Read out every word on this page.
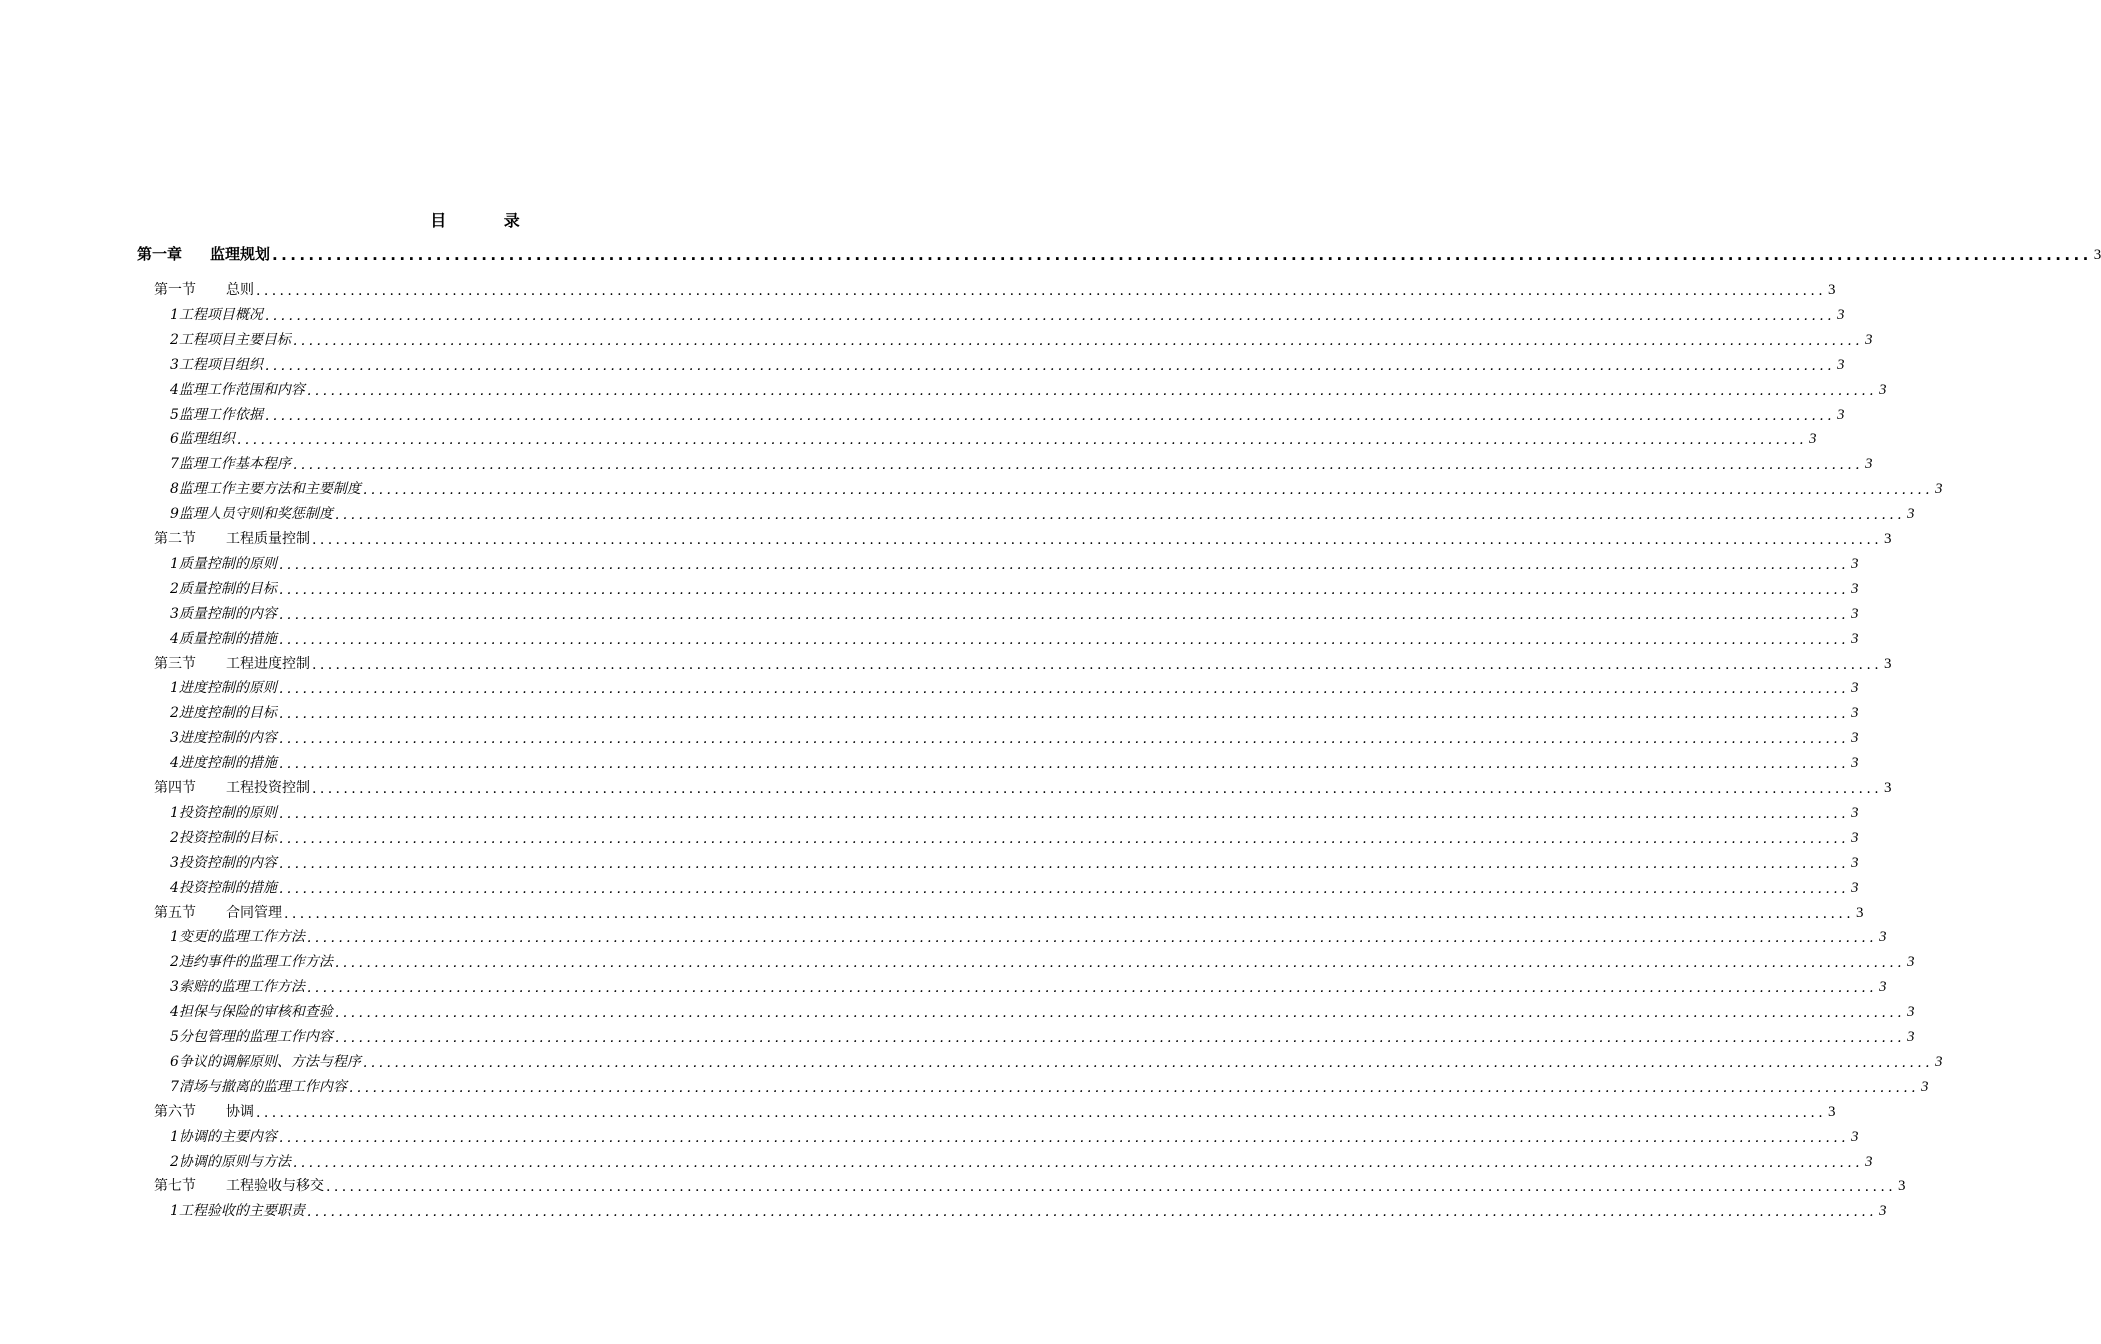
目 录
第一章 监理规划 ........................................................................................................................................................................................................ 3
第一节 总则 ........................................................................................................................................................................................................ 3
1工程项目概况 ........................................................................................................................................................................................................ 3
2工程项目主要目标 ........................................................................................................................................................................................................ 3
3工程项目组织 ........................................................................................................................................................................................................ 3
4监理工作范围和内容 ........................................................................................................................................................................................................ 3
5监理工作依据 ........................................................................................................................................................................................................ 3
6监理组织 ........................................................................................................................................................................................................ 3
7监理工作基本程序 ........................................................................................................................................................................................................ 3
8监理工作主要方法和主要制度 ........................................................................................................................................................................................................ 3
9监理人员守则和奖惩制度 ........................................................................................................................................................................................................ 3
第二节 工程质量控制 ........................................................................................................................................................................................................ 3
1质量控制的原则 ........................................................................................................................................................................................................ 3
2质量控制的目标 ........................................................................................................................................................................................................ 3
3质量控制的内容 ........................................................................................................................................................................................................ 3
4质量控制的措施 ........................................................................................................................................................................................................ 3
第三节 工程进度控制 ........................................................................................................................................................................................................ 3
1进度控制的原则 ........................................................................................................................................................................................................ 3
2进度控制的目标 ........................................................................................................................................................................................................ 3
3进度控制的内容 ........................................................................................................................................................................................................ 3
4进度控制的措施 ........................................................................................................................................................................................................ 3
第四节 工程投资控制 ........................................................................................................................................................................................................ 3
1投资控制的原则 ........................................................................................................................................................................................................ 3
2投资控制的目标 ........................................................................................................................................................................................................ 3
3投资控制的内容 ........................................................................................................................................................................................................ 3
4投资控制的措施 ........................................................................................................................................................................................................ 3
第五节 合同管理 ........................................................................................................................................................................................................ 3
1变更的监理工作方法 ........................................................................................................................................................................................................ 3
2违约事件的监理工作方法 ........................................................................................................................................................................................................ 3
3索赔的监理工作方法 ........................................................................................................................................................................................................ 3
4担保与保险的审核和查验 ........................................................................................................................................................................................................ 3
5分包管理的监理工作内容 ........................................................................................................................................................................................................ 3
6争议的调解原则、方法与程序 ........................................................................................................................................................................................................ 3
7清场与撤离的监理工作内容 ........................................................................................................................................................................................................ 3
第六节 协调 ........................................................................................................................................................................................................ 3
1协调的主要内容 ........................................................................................................................................................................................................ 3
2协调的原则与方法 ........................................................................................................................................................................................................ 3
第七节 工程验收与移交 ........................................................................................................................................................................................................ 3
1工程验收的主要职责 ........................................................................................................................................................................................................ 3
